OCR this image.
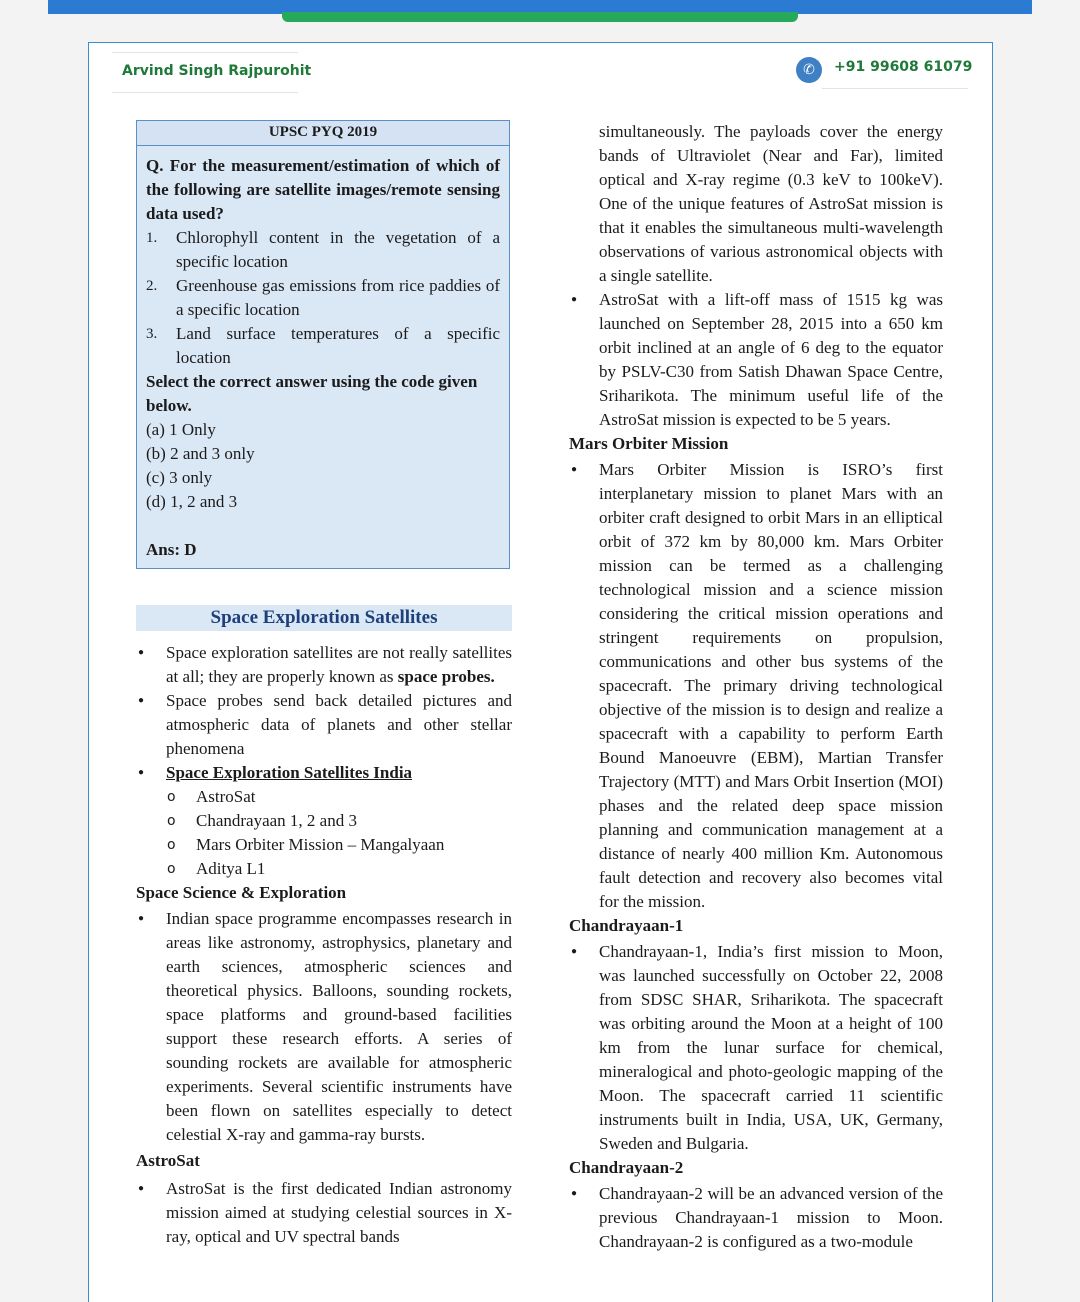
Arvind Singh Rajpurohit	✆	+91 99608 61079
UPSC PYQ 2019
Q. For the measurement/estimation of which of the following are satellite images/remote sensing data used?
1. Chlorophyll content in the vegetation of a specific location
2. Greenhouse gas emissions from rice paddies of a specific location
3. Land surface temperatures of a specific location
Select the correct answer using the code given below.
(a) 1 Only
(b) 2 and 3 only
(c) 3 only
(d) 1, 2 and 3
Ans: D
Space Exploration Satellites
● Space exploration satellites are not really satellites at all; they are properly known as space probes.
● Space probes send back detailed pictures and atmospheric data of planets and other stellar phenomena
● Space Exploration Satellites India
o AstroSat
o Chandrayaan 1, 2 and 3
o Mars Orbiter Mission – Mangalyaan
o Aditya L1
Space Science & Exploration
● Indian space programme encompasses research in areas like astronomy, astrophysics, planetary and earth sciences, atmospheric sciences and theoretical physics. Balloons, sounding rockets, space platforms and ground-based facilities support these research efforts. A series of sounding rockets are available for atmospheric experiments. Several scientific instruments have been flown on satellites especially to detect celestial X-ray and gamma-ray bursts.
AstroSat
● AstroSat is the first dedicated Indian astronomy mission aimed at studying celestial sources in X-ray, optical and UV spectral bands
simultaneously. The payloads cover the energy bands of Ultraviolet (Near and Far), limited optical and X-ray regime (0.3 keV to 100keV). One of the unique features of AstroSat mission is that it enables the simultaneous multi-wavelength observations of various astronomical objects with a single satellite.
● AstroSat with a lift-off mass of 1515 kg was launched on September 28, 2015 into a 650 km orbit inclined at an angle of 6 deg to the equator by PSLV-C30 from Satish Dhawan Space Centre, Sriharikota. The minimum useful life of the AstroSat mission is expected to be 5 years.
Mars Orbiter Mission
● Mars Orbiter Mission is ISRO’s first interplanetary mission to planet Mars with an orbiter craft designed to orbit Mars in an elliptical orbit of 372 km by 80,000 km. Mars Orbiter mission can be termed as a challenging technological mission and a science mission considering the critical mission operations and stringent requirements on propulsion, communications and other bus systems of the spacecraft. The primary driving technological objective of the mission is to design and realize a spacecraft with a capability to perform Earth Bound Manoeuvre (EBM), Martian Transfer Trajectory (MTT) and Mars Orbit Insertion (MOI) phases and the related deep space mission planning and communication management at a distance of nearly 400 million Km. Autonomous fault detection and recovery also becomes vital for the mission.
Chandrayaan-1
● Chandrayaan-1, India’s first mission to Moon, was launched successfully on October 22, 2008 from SDSC SHAR, Sriharikota. The spacecraft was orbiting around the Moon at a height of 100 km from the lunar surface for chemical, mineralogical and photo-geologic mapping of the Moon. The spacecraft carried 11 scientific instruments built in India, USA, UK, Germany, Sweden and Bulgaria.
Chandrayaan-2
● Chandrayaan-2 will be an advanced version of the previous Chandrayaan-1 mission to Moon. Chandrayaan-2 is configured as a two-module
